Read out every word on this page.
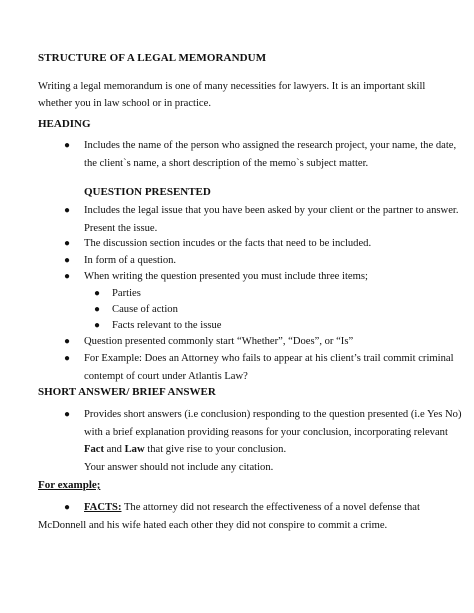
STRUCTURE OF A LEGAL MEMORANDUM
Writing a legal memorandum is one of many necessities for lawyers. It is an important skill
whether you in law school or in practice.
HEADING
●	Includes the name of the person who assigned the research project, your name, the date,
the client`s name, a short description of the memo`s subject matter.
QUESTION PRESENTED
●	Includes the legal issue that you have been asked by your client or the partner to answer.
Present the issue.
●	The discussion section incudes or the facts that need to be included.
●	In form of a question.
●	When writing the question presented you must include three items;
●	Parties
●	Cause of action
●	Facts relevant to the issue
●	Question presented commonly start “Whether”, “Does”, or “Is”
●	For Example: Does an Attorney who fails to appear at his client’s trail commit criminal
contempt of court under Atlantis Law?
SHORT ANSWER/ BRIEF ANSWER
●	Provides short answers (i.e conclusion) responding to the question presented (i.e Yes No)
with a brief explanation providing reasons for your conclusion, incorporating relevant
Fact and Law that give rise to your conclusion.
Your answer should not include any citation.
For example;
●	FACTS: The attorney did not research the effectiveness of a novel defense that
McDonnell and his wife hated each other they did not conspire to commit a crime.
